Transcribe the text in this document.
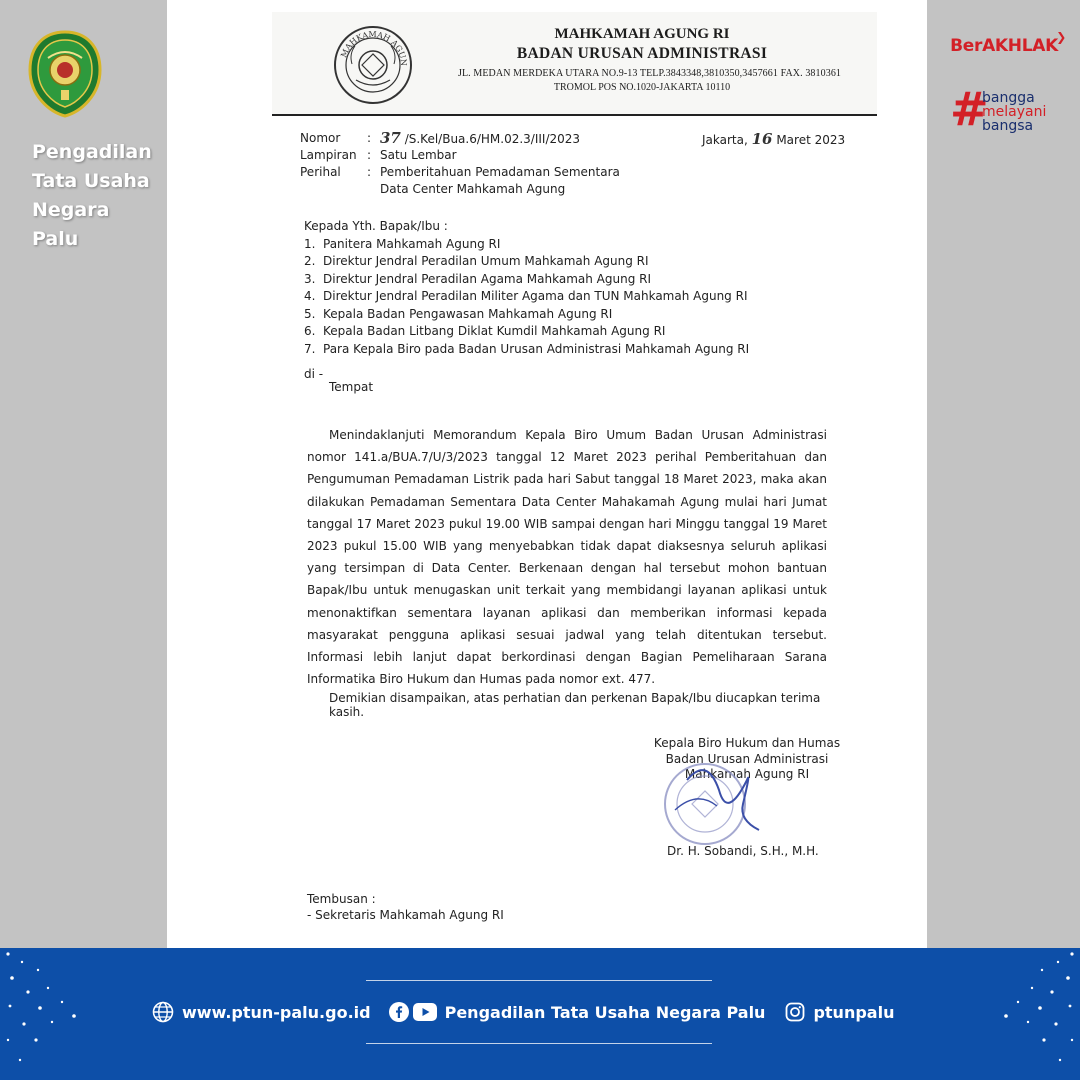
Pengadilan
Tata Usaha
Negara
Palu
BerAKHLAK
❯
#
bangga
melayani
bangsa
MAHKAMAH AGUN
MAHKAMAH AGUNG RI
BADAN URUSAN ADMINISTRASI
JL. MEDAN MERDEKA UTARA NO.9-13 TELP.3843348,3810350,3457661 FAX. 3810361
TROMOL POS NO.1020-JAKARTA 10110
Nomor : 37 /S.Kel/Bua.6/HM.02.3/III/2023
Lampiran : Satu Lembar
Perihal : Pemberitahuan Pemadaman Sementara
Data Center Mahkamah Agung
Jakarta, 16 Maret 2023
Kepada Yth. Bapak/Ibu :
1. Panitera Mahkamah Agung RI
2. Direktur Jendral Peradilan Umum Mahkamah Agung RI
3. Direktur Jendral Peradilan Agama Mahkamah Agung RI
4. Direktur Jendral Peradilan Militer Agama dan TUN Mahkamah Agung RI
5. Kepala Badan Pengawasan Mahkamah Agung RI
6. Kepala Badan Litbang Diklat Kumdil Mahkamah Agung RI
7. Para Kepala Biro pada Badan Urusan Administrasi Mahkamah Agung RI
di -
Tempat

Menindaklanjuti Memorandum Kepala Biro Umum Badan Urusan Administrasi nomor 141.a/BUA.7/U/3/2023 tanggal 12 Maret 2023 perihal Pemberitahuan dan Pengumuman Pemadaman Listrik pada hari Sabut tanggal 18 Maret 2023, maka akan dilakukan Pemadaman Sementara Data Center Mahakamah Agung mulai hari Jumat tanggal 17 Maret 2023 pukul 19.00 WIB sampai dengan hari Minggu tanggal 19 Maret 2023 pukul 15.00 WIB yang menyebabkan tidak dapat diaksesnya seluruh aplikasi yang tersimpan di Data Center. Berkenaan dengan hal tersebut mohon bantuan Bapak/Ibu untuk menugaskan unit terkait yang membidangi layanan aplikasi untuk menonaktifkan sementara layanan aplikasi dan memberikan informasi kepada masyarakat pengguna aplikasi sesuai jadwal yang telah ditentukan tersebut. Informasi lebih lanjut dapat berkordinasi dengan Bagian Pemeliharaan Sarana Informatika Biro Hukum dan Humas pada nomor ext. 477.

Demikian disampaikan, atas perhatian dan perkenan Bapak/Ibu diucapkan terima kasih.
Kepala Biro Hukum dan Humas
Badan Urusan Administrasi
Mahkamah Agung RI
Dr. H. Sobandi, S.H., M.H.
Tembusan :
- Sekretaris Mahkamah Agung RI
www.ptun-palu.go.id	Pengadilan Tata Usaha Negara Palu	ptunpalu
